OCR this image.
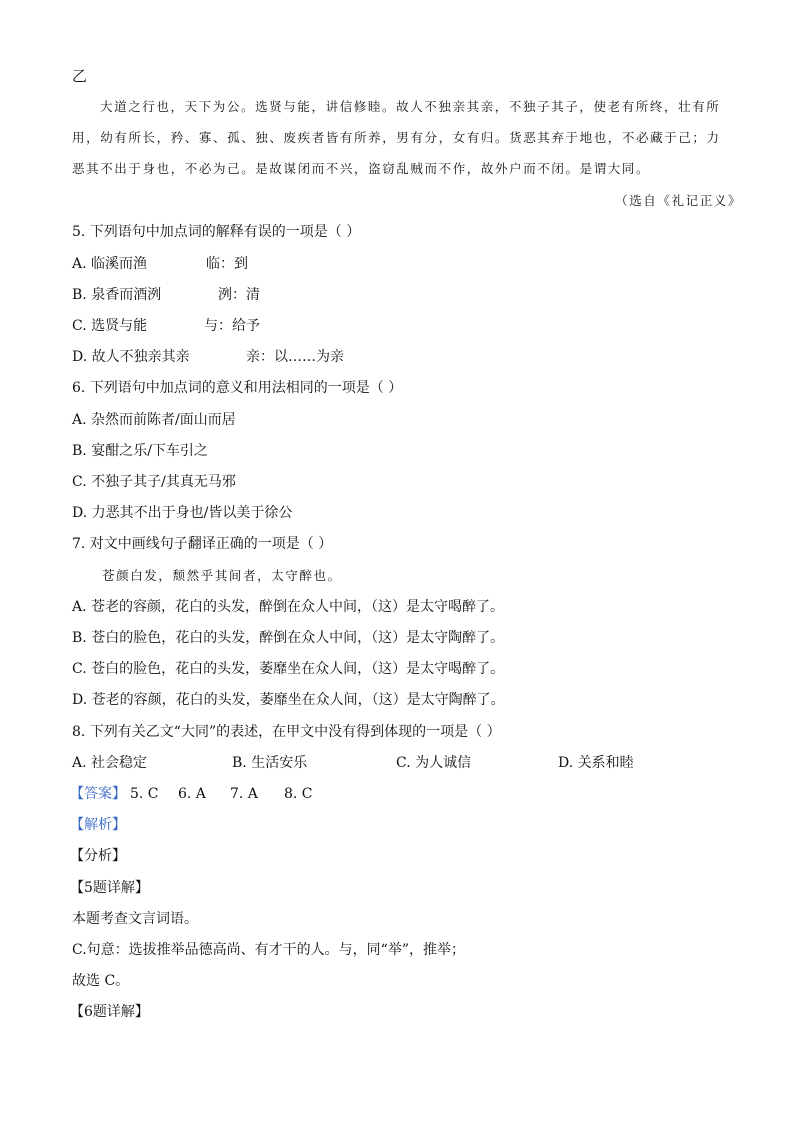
乙
大道之行也，天下为公。选贤与能，讲信修睦。故人不独亲其亲，不独子其子，使老有所终，壮有所
用，幼有所长，矜、寡、孤、独、废疾者皆有所养，男有分，女有归。货恶其弃于地也，不必藏于己；力
恶其不出于身也，不必为己。是故谋闭而不兴，盗窃乱贼而不作，故外户而不闭。是谓大同。
（选自《礼记正义》
5. 下列语句中加点词的解释有误的一项是（ ）
A. 临溪而渔	临：到
B. 泉香而酒洌	洌：清
C. 选贤与能	与：给予
D. 故人不独亲其亲	亲：以……为亲
6. 下列语句中加点词的意义和用法相同的一项是（ ）
A. 杂然而前陈者/面山而居
B. 宴酣之乐/下车引之
C. 不独子其子/其真无马邪
D. 力恶其不出于身也/皆以美于徐公
7. 对文中画线句子翻译正确的一项是（ ）
苍颜白发，颓然乎其间者，太守醉也。
A. 苍老的容颜，花白的头发，醉倒在众人中间，（这）是太守喝醉了。
B. 苍白的脸色，花白的头发，醉倒在众人中间，（这）是太守陶醉了。
C. 苍白的脸色，花白的头发，萎靡坐在众人间，（这）是太守喝醉了。
D. 苍老的容颜，花白的头发，萎靡坐在众人间，（这）是太守陶醉了。
8. 下列有关乙文“大同”的表述，在甲文中没有得到体现的一项是（ ）
A. 社会稳定	B. 生活安乐	C. 为人诚信	D. 关系和睦
【答案】 5. C 6. A 7. A 8. C
【解析】
【分析】
【5题详解】
本题考查文言词语。
C.句意：选拔推举品德高尚、有才干的人。与，同“举”，推举；
故选 C。
【6题详解】
